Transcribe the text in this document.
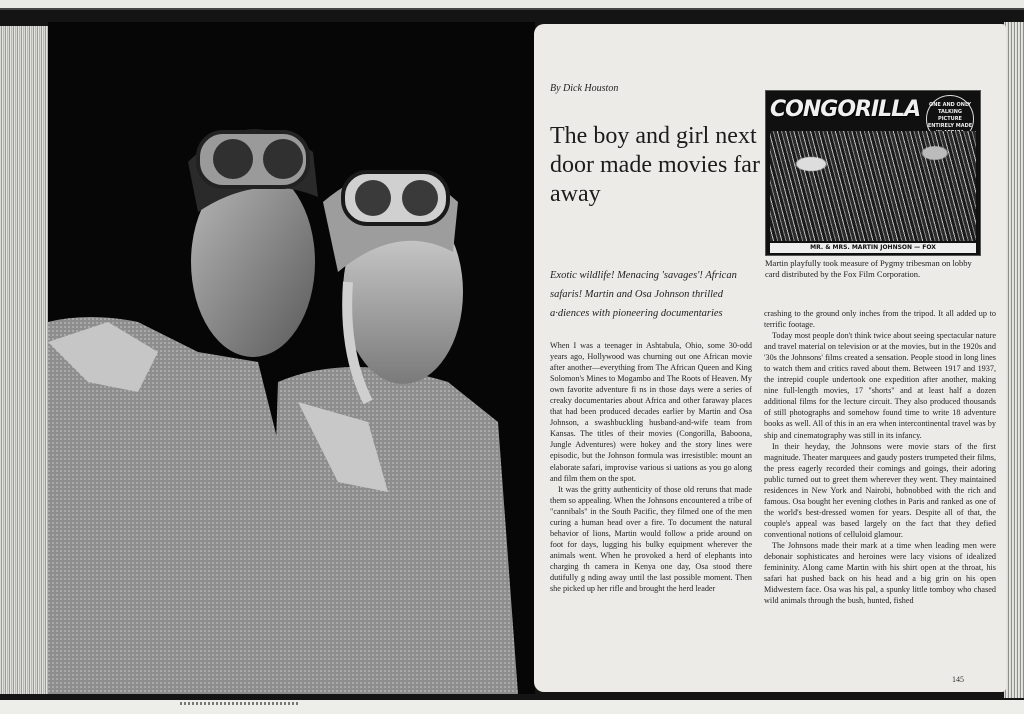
By Dick Houston
The boy and girl next door made movies far away
Exotic wildlife! Menacing 'savages'! African safaris! Martin and Osa Johnson thrilled a·diences with pioneering documentaries
CONGORILLA	ONE AND ONLY TALKING PICTURE ENTIRELY MADE
MR. & MRS. MARTIN JOHNSON — FOX
Martin playfully took measure of Pygmy tribesman on lobby card distributed by the Fox Film Corporation.

When I was a teenager in Ashtabula, Ohio, some 30-odd years ago, Hollywood was churning out one African movie after another—everything from The African Queen and King Solomon's Mines to Mogambo and The Roots of Heaven. My own favorite adventure fi ns in those days were a series of creaky documentaries about Africa and other faraway places that had been produced decades earlier by Martin and Osa Johnson, a swashbuckling husband-and-wife team from Kansas. The titles of their movies (Congorilla, Baboona, Jungle Adventures) were hokey and the story lines were episodic, but the Johnson formula was irresistible: mount an elaborate safari, improvise various si uations as you go along and film them on the spot.

It was the gritty authenticity of those old reruns that made them so appealing. When the Johnsons encountered a tribe of "cannibals" in the South Pacific, they filmed one of the men curing a human head over a fire. To document the natural behavior of lions, Martin would follow a pride around on foot for days, lugging his bulky equipment wherever the animals went. When he provoked a herd of elephants into charging th camera in Kenya one day, Osa stood there dutifully g nding away until the last possible moment. Then she picked up her rifle and brought the herd leader

crashing to the ground only inches from the tripod. It all added up to terrific footage.

Today most people don't think twice about seeing spectacular nature and travel material on television or at the movies, but in the 1920s and '30s the Johnsons' films created a sensation. People stood in long lines to watch them and critics raved about them. Between 1917 and 1937, the intrepid couple undertook one expedition after another, making nine full-length movies, 17 "shorts" and at least half a dozen additional films for the lecture circuit. They also produced thousands of still photographs and somehow found time to write 18 adventure books as well. All of this in an era when intercontinental travel was by ship and cinematography was still in its infancy.

In their heyday, the Johnsons were movie stars of the first magnitude. Theater marquees and gaudy posters trumpeted their films, the press eagerly recorded their comings and goings, their adoring public turned out to greet them wherever they went. They maintained residences in New York and Nairobi, hobnobbed with the rich and famous. Osa bought her evening clothes in Paris and ranked as one of the world's best-dressed women for years. Despite all of that, the couple's appeal was based largely on the fact that they defied conventional notions of celluloid glamour.

The Johnsons made their mark at a time when leading men were debonair sophisticates and heroines were lacy visions of idealized femininity. Along came Martin with his shirt open at the throat, his safari hat pushed back on his head and a big grin on his open Midwestern face. Osa was his pal, a spunky little tomboy who chased wild animals through the bush, hunted, fished

145
